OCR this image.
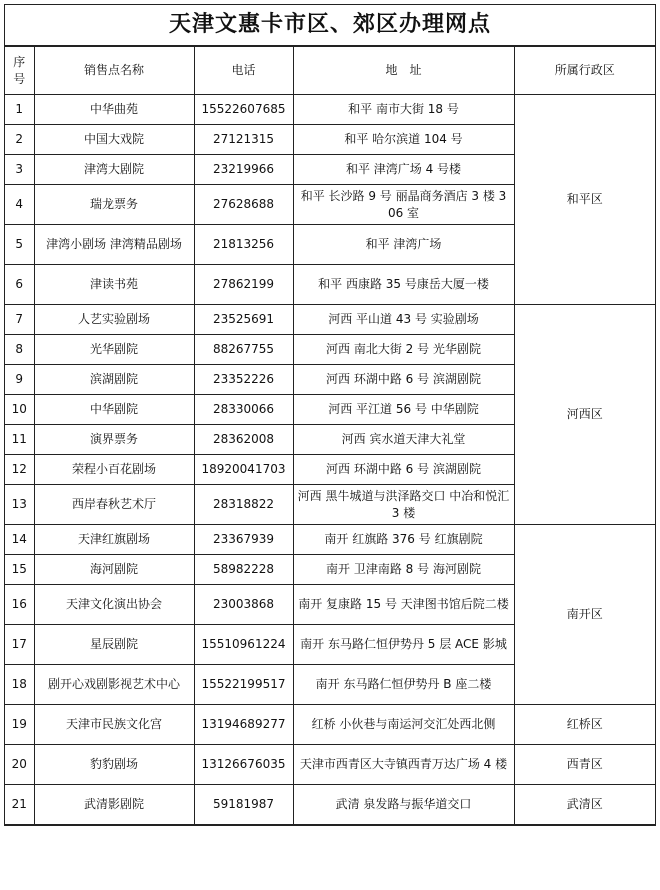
天津文惠卡市区、郊区办理网点
序号	销售点名称	电话	地　址	所属行政区
1	中华曲苑	15522607685	和平 南市大街 18 号	和平区
2	中国大戏院	27121315	和平 哈尔滨道 104 号	
3	津湾大剧院	23219966	和平 津湾广场 4 号楼	
4	瑞龙票务	27628688	和平 长沙路 9 号 丽晶商务酒店 3 楼 306 室	
5	津湾小剧场 津湾精品剧场	21813256	和平 津湾广场	
6	津读书苑	27862199	和平 西康路 35 号康岳大厦一楼	
7	人艺实验剧场	23525691	河西 平山道 43 号 实验剧场	河西区
8	光华剧院	88267755	河西 南北大街 2 号 光华剧院	
9	滨湖剧院	23352226	河西 环湖中路 6 号 滨湖剧院	
10	中华剧院	28330066	河西 平江道 56 号 中华剧院	
11	演界票务	28362008	河西 宾水道天津大礼堂	
12	荣程小百花剧场	18920041703	河西 环湖中路 6 号 滨湖剧院	
13	西岸春秋艺术厅	28318822	河西 黑牛城道与洪泽路交口 中冶和悦汇 3 楼	
14	天津红旗剧场	23367939	南开 红旗路 376 号 红旗剧院	南开区
15	海河剧院	58982228	南开 卫津南路 8 号 海河剧院	
16	天津文化演出协会	23003868	南开 复康路 15 号 天津图书馆后院二楼	
17	星辰剧院	15510961224	南开 东马路仁恒伊势丹 5 层 ACE 影城	
18	剧开心戏剧影视艺术中心	15522199517	南开 东马路仁恒伊势丹 B 座二楼	
19	天津市民族文化宫	13194689277	红桥 小伙巷与南运河交汇处西北侧	红桥区
20	豹豹剧场	13126676035	天津市西青区大寺镇西青万达广场 4 楼	西青区
21	武清影剧院	59181987	武清 泉发路与振华道交口	武清区
